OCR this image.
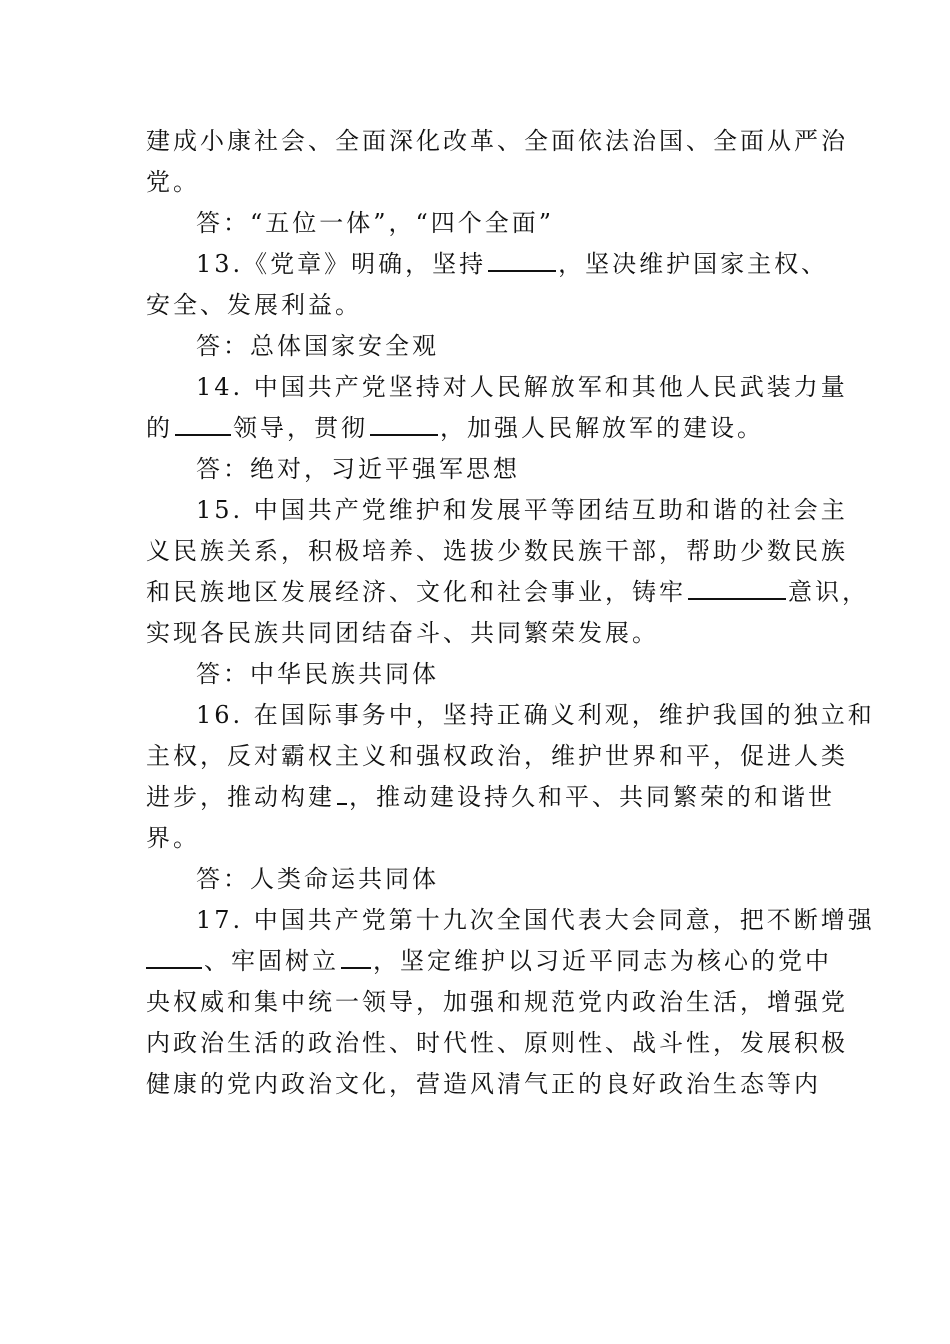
建成小康社会、全面深化改革、全面依法治国、全面从严治
党。
答：“五位一体”，“四个全面”
13.《党章》明确，坚持	，坚决维护国家主权、
安全、发展利益。
答：总体国家安全观
14. 中国共产党坚持对人民解放军和其他人民武装力量
的	领导，贯彻	，加强人民解放军的建设。
答：绝对，习近平强军思想
15. 中国共产党维护和发展平等团结互助和谐的社会主
义民族关系，积极培养、选拔少数民族干部，帮助少数民族
和民族地区发展经济、文化和社会事业，铸牢	意识，
实现各民族共同团结奋斗、共同繁荣发展。
答：中华民族共同体
16. 在国际事务中，坚持正确义利观，维护我国的独立和
主权，反对霸权主义和强权政治，维护世界和平，促进人类
进步，推动构建 ，推动建设持久和平、共同繁荣的和谐世
界。
答：人类命运共同体
17. 中国共产党第十九次全国代表大会同意，把不断增强
、牢固树立 ，坚定维护以习近平同志为核心的党中
央权威和集中统一领导，加强和规范党内政治生活，增强党
内政治生活的政治性、时代性、原则性、战斗性，发展积极
健康的党内政治文化，营造风清气正的良好政治生态等内
